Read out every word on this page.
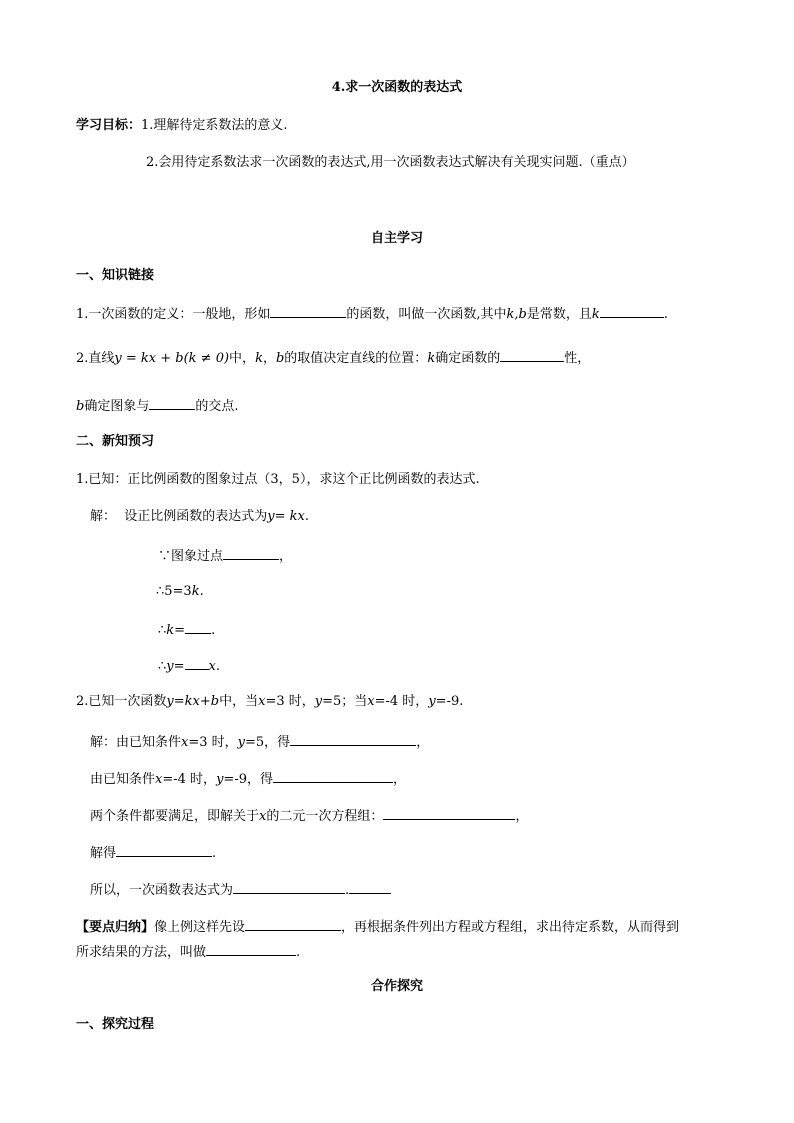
4.求一次函数的表达式
学习目标：1.理解待定系数法的意义.
2.会用待定系数法求一次函数的表达式,用一次函数表达式解决有关现实问题.（重点）
自主学习
一、知识链接
1.一次函数的定义：一般地，形如	的函数，叫做一次函数,其中k,b是常数，且k	.
2.直线y = kx + b(k ≠ 0)中，k，b的取值决定直线的位置：k确定函数的	性，
b确定图象与	的交点.
二、新知预习
1.已知：正比例函数的图象过点（3，5），求这个正比例函数的表达式.
解： 设正比例函数的表达式为y= kx.
∵图象过点	，
∴5=3k.
∴k= .
∴y= x.
2.已知一次函数y=kx+b中，当x=3 时，y=5；当x=-4 时，y=-9.
解：由已知条件x=3 时，y=5，得	，
由已知条件x=-4 时，y=-9，得	，
两个条件都要满足，即解关于x的二元一次方程组：	，
解得	.
所以，一次函数表达式为	.
【要点归纳】像上例这样先设	，再根据条件列出方程或方程组，求出待定系数，从而得到
所求结果的方法，叫做	.
合作探究
一、探究过程
